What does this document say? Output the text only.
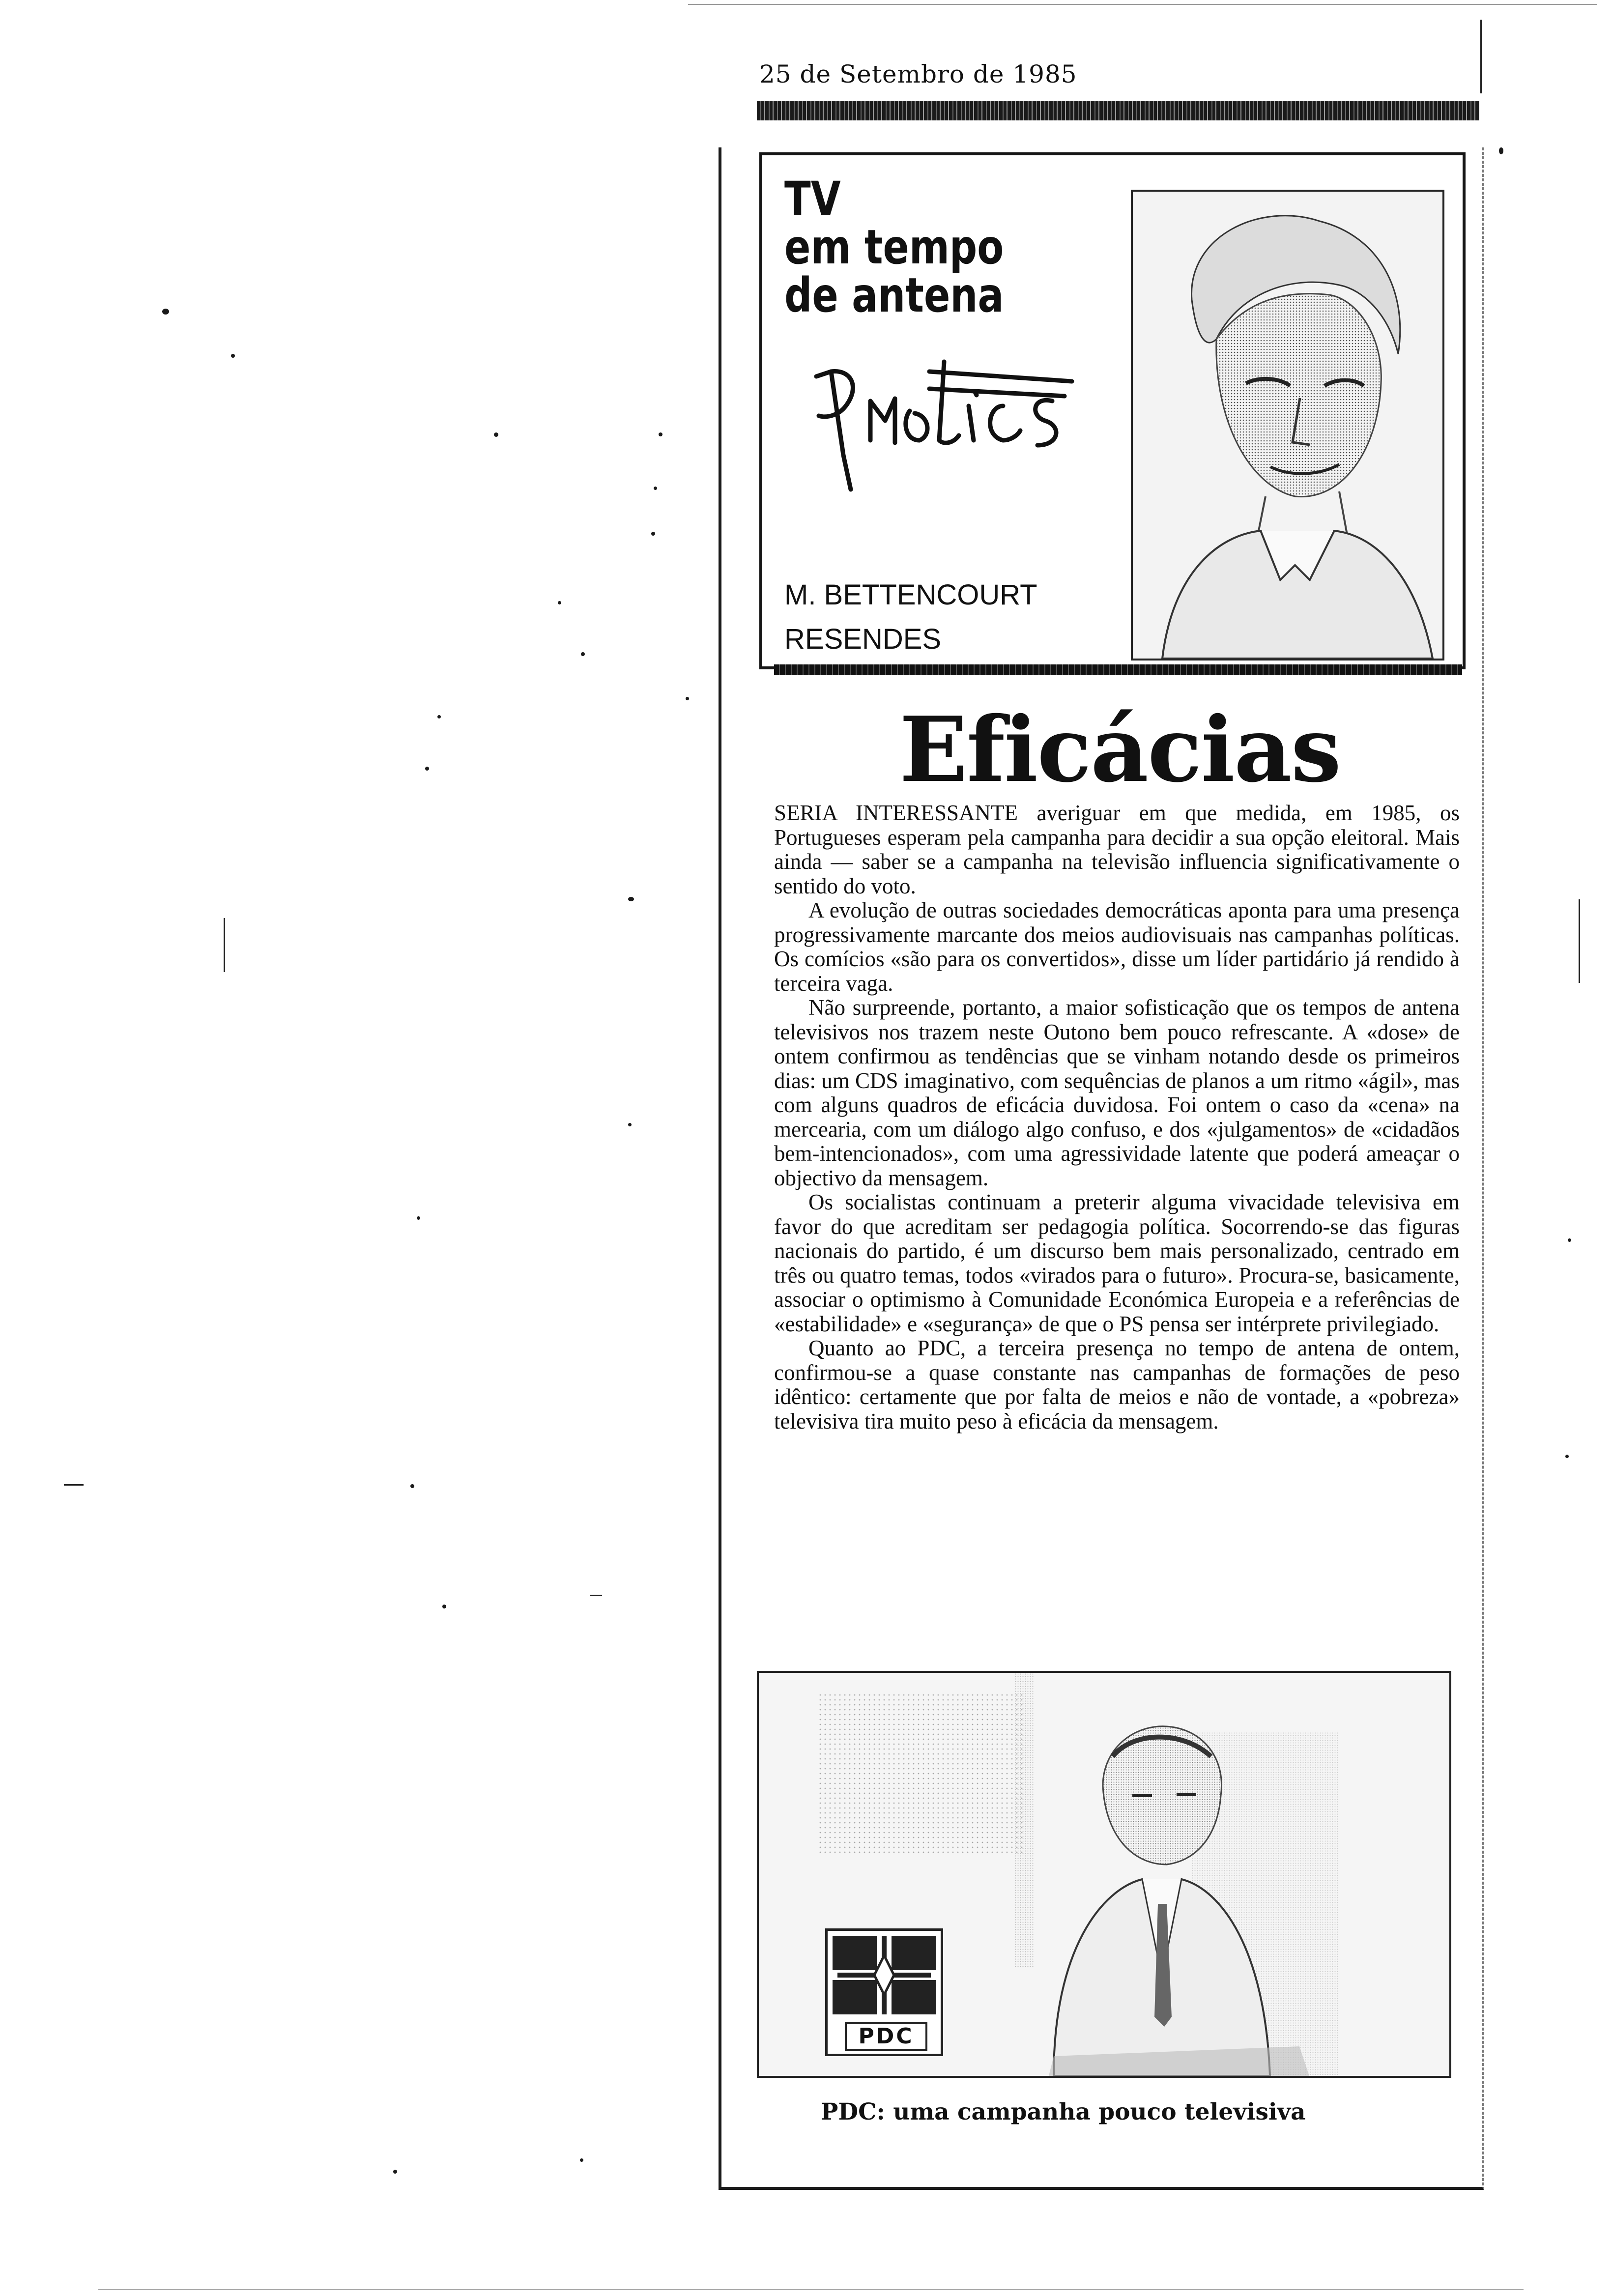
25 de Setembro de 1985
TV
em tempo
de antena
M. BETTENCOURT
RESENDES
Eficácias

SERIA INTERESSANTE averiguar em que medida, em 1985, os Portugueses esperam pela campanha para decidir a sua opção eleitoral. Mais ainda — saber se a campanha na televisão influencia significativamente o sentido do voto.

A evolução de outras sociedades democráticas aponta para uma presença progressivamente marcante dos meios audiovisuais nas campanhas políticas. Os comícios «são para os convertidos», disse um líder partidário já rendido à terceira vaga.

Não surpreende, portanto, a maior sofisticação que os tempos de antena televisivos nos trazem neste Outono bem pouco refrescante. A «dose» de ontem confirmou as tendências que se vinham notando desde os primeiros dias: um CDS imaginativo, com sequências de planos a um ritmo «ágil», mas com alguns quadros de eficácia duvidosa. Foi ontem o caso da «cena» na mercearia, com um diálogo algo confuso, e dos «julgamentos» de «cidadãos bem-intencionados», com uma agressividade latente que poderá ameaçar o objectivo da mensagem.

Os socialistas continuam a preterir alguma vivacidade televisiva em favor do que acreditam ser pedagogia política. Socorrendo-se das figuras nacionais do partido, é um discurso bem mais personalizado, centrado em três ou quatro temas, todos «virados para o futuro». Procura-se, basicamente, associar o optimismo à Comunidade Económica Europeia e a referências de «estabilidade» e «segurança» de que o PS pensa ser intérprete privilegiado.

Quanto ao PDC, a terceira presença no tempo de antena de ontem, confirmou-se a quase constante nas campanhas de formações de peso idêntico: certamente que por falta de meios e não de vontade, a «pobreza» televisiva tira muito peso à eficácia da mensagem.

PDC
PDC: uma campanha pouco televisiva
